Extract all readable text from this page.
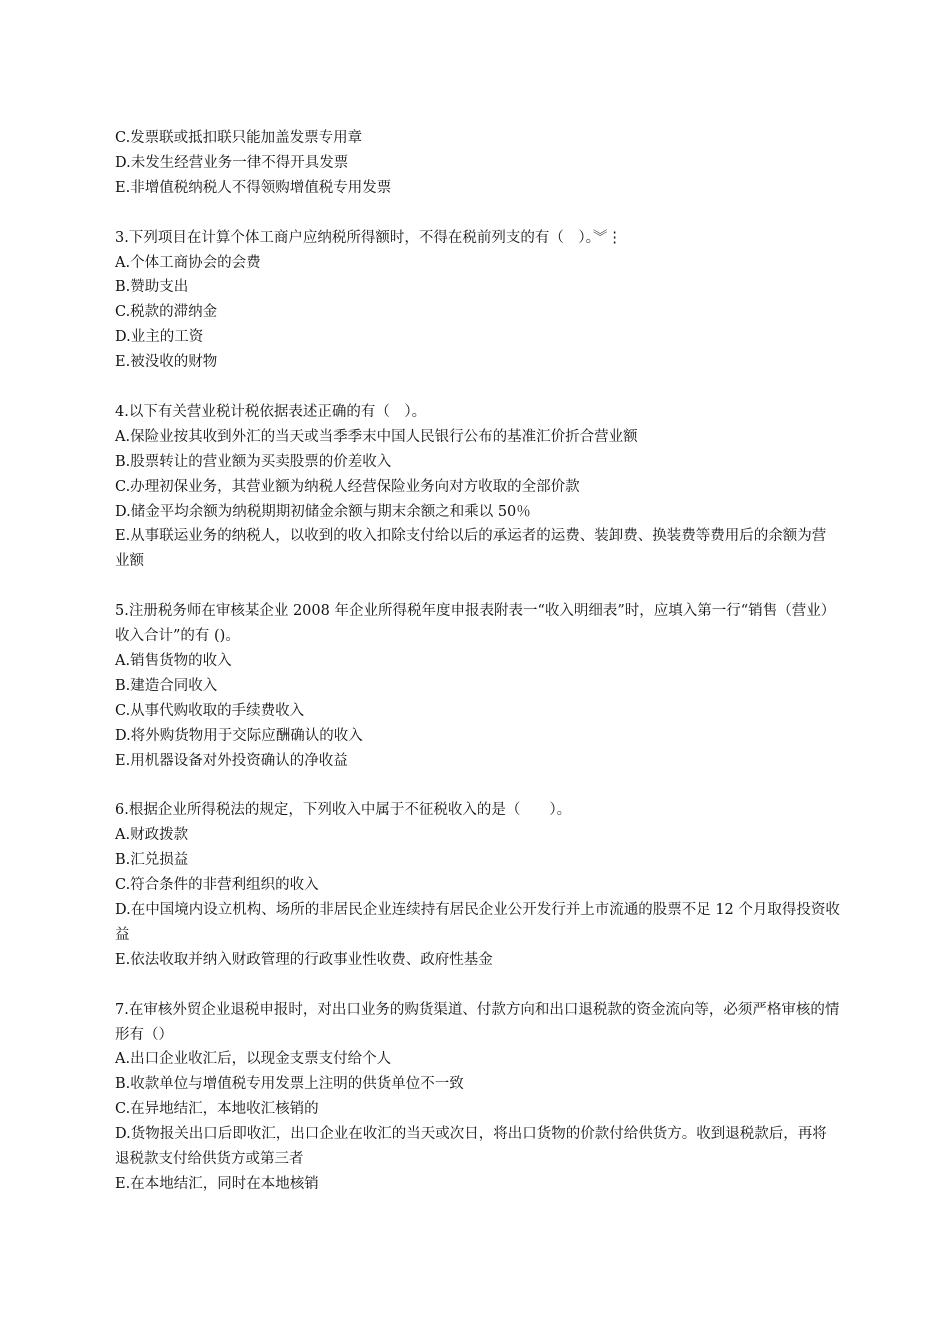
C.发票联或抵扣联只能加盖发票专用章

D.未发生经营业务一律不得开具发票

E.非增值税纳税人不得领购增值税专用发票

3.下列项目在计算个体工商户应纳税所得额时，不得在税前列支的有（　）。︾⋮

A.个体工商协会的会费

B.赞助支出

C.税款的滞纳金

D.业主的工资

E.被没收的财物

4.以下有关营业税计税依据表述正确的有（　）。

A.保险业按其收到外汇的当天或当季季末中国人民银行公布的基准汇价折合营业额

B.股票转让的营业额为买卖股票的价差收入

C.办理初保业务，其营业额为纳税人经营保险业务向对方收取的全部价款

D.储金平均余额为纳税期期初储金余额与期末余额之和乘以 50％

E.从事联运业务的纳税人，以收到的收入扣除支付给以后的承运者的运费、装卸费、换装费等费用后的余额为营业额

5.注册税务师在审核某企业 2008 年企业所得税年度申报表附表一“收入明细表”时，应填入第一行“销售（营业）收入合计”的有 ()。

A.销售货物的收入

B.建造合同收入

C.从事代购收取的手续费收入

D.将外购货物用于交际应酬确认的收入

E.用机器设备对外投资确认的净收益

6.根据企业所得税法的规定，下列收入中属于不征税收入的是（　　）。

A.财政拨款

B.汇兑损益

C.符合条件的非营利组织的收入

D.在中国境内设立机构、场所的非居民企业连续持有居民企业公开发行并上市流通的股票不足 12 个月取得投资收益

E.依法收取并纳入财政管理的行政事业性收费、政府性基金

7.在审核外贸企业退税申报时，对出口业务的购货渠道、付款方向和出口退税款的资金流向等，必须严格审核的情形有（）

A.出口企业收汇后，以现金支票支付给个人

B.收款单位与增值税专用发票上注明的供货单位不一致

C.在异地结汇，本地收汇核销的

D.货物报关出口后即收汇，出口企业在收汇的当天或次日，将出口货物的价款付给供货方。收到退税款后，再将退税款支付给供货方或第三者

E.在本地结汇，同时在本地核销
